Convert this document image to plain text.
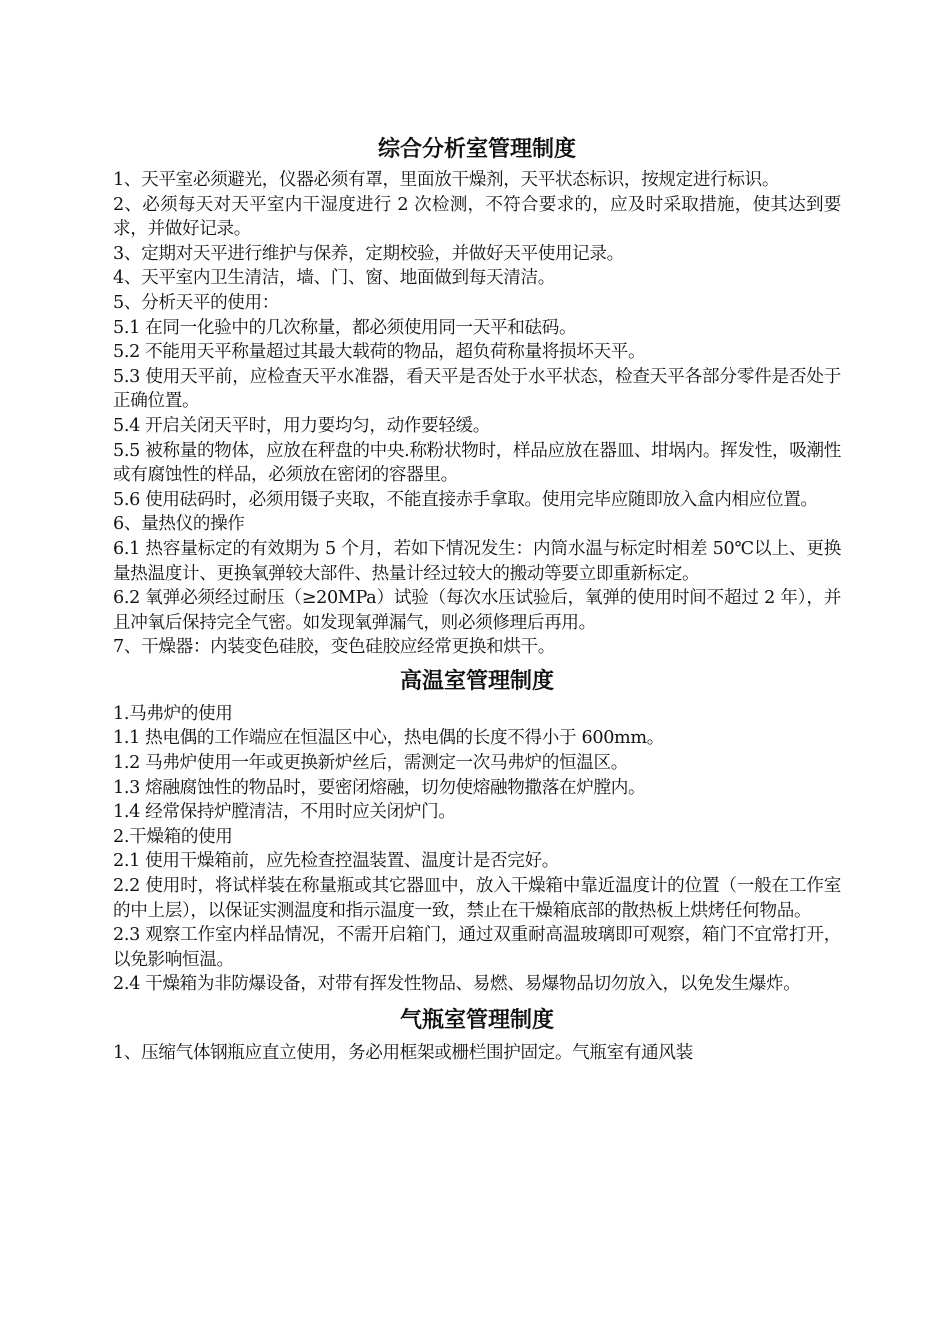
综合分析室管理制度

1、天平室必须避光，仪器必须有罩，里面放干燥剂，天平状态标识，按规定进行标识。

2、必须每天对天平室内干湿度进行 2 次检测，不符合要求的，应及时采取措施，使其达到要求，并做好记录。

3、定期对天平进行维护与保养，定期校验，并做好天平使用记录。

4、天平室内卫生清洁，墙、门、窗、地面做到每天清洁。

5、分析天平的使用：

5.1 在同一化验中的几次称量，都必须使用同一天平和砝码。

5.2 不能用天平称量超过其最大载荷的物品，超负荷称量将损坏天平。

5.3 使用天平前，应检查天平水准器，看天平是否处于水平状态，检查天平各部分零件是否处于正确位置。

5.4 开启关闭天平时，用力要均匀，动作要轻缓。

5.5 被称量的物体，应放在秤盘的中央.称粉状物时，样品应放在器皿、坩埚内。挥发性，吸潮性或有腐蚀性的样品，必须放在密闭的容器里。

5.6 使用砝码时，必须用镊子夹取，不能直接赤手拿取。使用完毕应随即放入盒内相应位置。

6、量热仪的操作

6.1 热容量标定的有效期为 5 个月，若如下情况发生：内筒水温与标定时相差 50℃以上、更换量热温度计、更换氧弹较大部件、热量计经过较大的搬动等要立即重新标定。

6.2 氧弹必须经过耐压（≥20MPa）试验（每次水压试验后，氧弹的使用时间不超过 2 年），并且冲氧后保持完全气密。如发现氧弹漏气，则必须修理后再用。

7、干燥器：内装变色硅胶，变色硅胶应经常更换和烘干。

高温室管理制度

1.马弗炉的使用

1.1 热电偶的工作端应在恒温区中心，热电偶的长度不得小于 600mm。

1.2 马弗炉使用一年或更换新炉丝后，需测定一次马弗炉的恒温区。

1.3 熔融腐蚀性的物品时，要密闭熔融，切勿使熔融物撒落在炉膛内。

1.4 经常保持炉膛清洁，不用时应关闭炉门。

2.干燥箱的使用

2.1 使用干燥箱前，应先检查控温装置、温度计是否完好。

2.2 使用时，将试样装在称量瓶或其它器皿中，放入干燥箱中靠近温度计的位置（一般在工作室的中上层），以保证实测温度和指示温度一致，禁止在干燥箱底部的散热板上烘烤任何物品。

2.3 观察工作室内样品情况，不需开启箱门，通过双重耐高温玻璃即可观察，箱门不宜常打开，以免影响恒温。

2.4 干燥箱为非防爆设备，对带有挥发性物品、易燃、易爆物品切勿放入，以免发生爆炸。

气瓶室管理制度

1、压缩气体钢瓶应直立使用，务必用框架或栅栏围护固定。气瓶室有通风装
